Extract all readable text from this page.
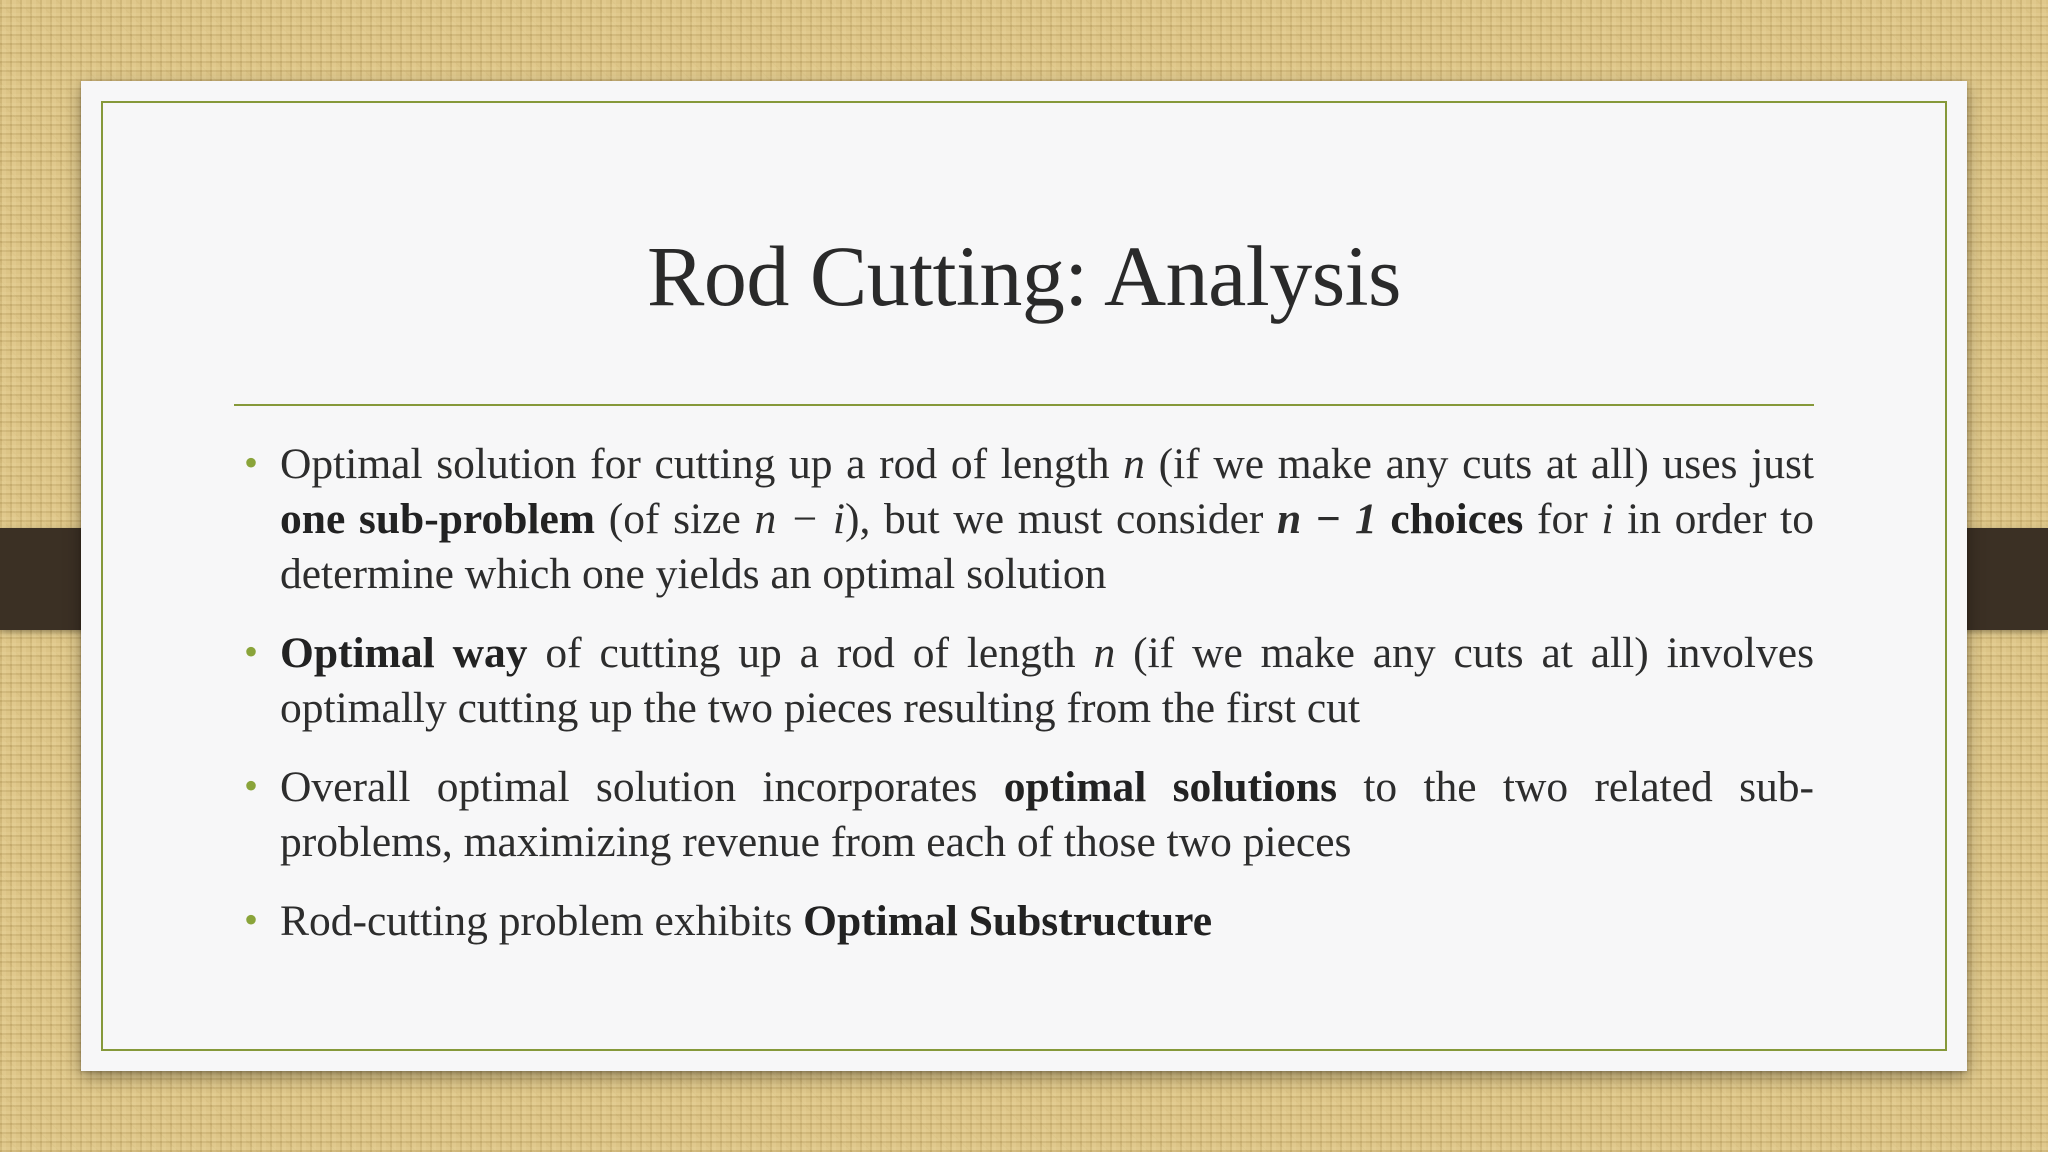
Rod Cutting: Analysis
• Optimal solution for cutting up a rod of length n (if we make any cuts at all) uses just one sub-problem (of size n − i), but we must consider n − 1 choices for i in order to determine which one yields an optimal solution
• Optimal way of cutting up a rod of length n (if we make any cuts at all) involves optimally cutting up the two pieces resulting from the first cut
• Overall optimal solution incorporates optimal solutions to the two related sub-problems, maximizing revenue from each of those two pieces
• Rod-cutting problem exhibits Optimal Substructure
